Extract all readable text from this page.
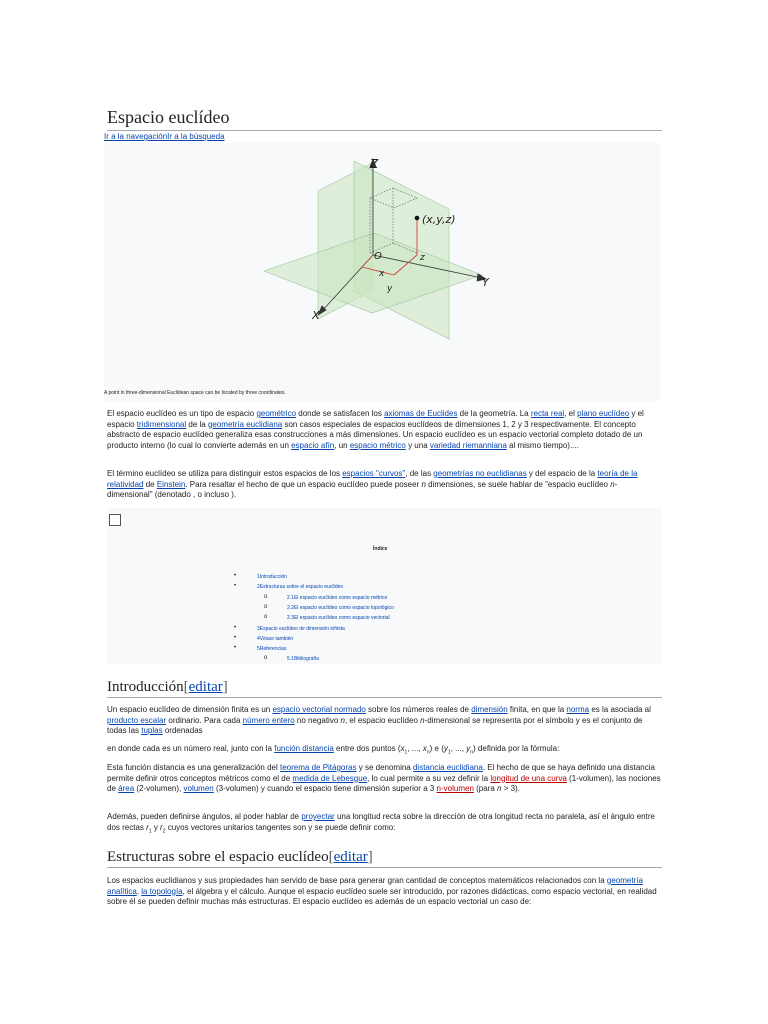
Espacio euclídeo
Ir a la navegaciónIr a la búsqueda
Z
Y
X
O
(x,y,z)
x
y
z
A point in three-dimensional Euclidean space can be located by three coordinates.

El espacio euclídeo es un tipo de espacio geométrico donde se satisfacen los axiomas de Euclides de la geometría. La recta real, el plano euclídeo y el espacio tridimensional de la geometría euclidiana son casos especiales de espacios euclídeos de dimensiones 1, 2 y 3 respectivamente. El concepto abstracto de espacio euclídeo generaliza esas construcciones a más dimensiones. Un espacio euclídeo es un espacio vectorial completo dotado de un producto interno (lo cual lo convierte además en un espacio afín, un espacio métrico y una variedad riemanniana al mismo tiempo)....

El término euclídeo se utiliza para distinguir estos espacios de los espacios "curvos", de las geometrías no euclidianas y del espacio de la teoría de la relatividad de Einstein. Para resaltar el hecho de que un espacio euclídeo puede poseer n dimensiones, se suele hablar de "espacio euclídeo n-dimensional" (denotado , o incluso ).

Índice
•	1Introducción
•	2Estructuras sobre el espacio euclídeo
o	2.1El espacio euclídeo como espacio métrico
o	2.2El espacio euclídeo como espacio topológico
o	2.3El espacio euclídeo como espacio vectorial
•	3Espacio euclídeo de dimensión infinita
•	4Véase también
•	5Referencias
o	5.1Bibliografía
Introducción[editar]

Un espacio euclídeo de dimensión finita es un espacio vectorial normado sobre los números reales de dimensión finita, en que la norma es la asociada al producto escalar ordinario. Para cada número entero no negativo n, el espacio euclídeo n-dimensional se representa por el símbolo y es el conjunto de todas las tuplas ordenadas

en donde cada es un número real, junto con la función distancia entre dos puntos ($x_1$, ..., $x_n$) e ($y_1$, ..., $y_n$) definida por la fórmula:

Esta función distancia es una generalización del teorema de Pitágoras y se denomina distancia euclidiana. El hecho de que se haya definido una distancia permite definir otros conceptos métricos como el de medida de Lebesgue, lo cual permite a su vez definir la longitud de una curva (1-volumen), las nociones de área (2-volumen), volumen (3-volumen) y cuando el espacio tiene dimensión superior a 3 n-volumen (para n > 3).

Además, pueden definirse ángulos, al poder hablar de proyectar una longitud recta sobre la dirección de otra longitud recta no paralela, así el ángulo entre dos rectas $r_1$ y $r_2$ cuyos vectores unitarios tangentes son y se puede definir como:

Estructuras sobre el espacio euclídeo[editar]

Los espacios euclidianos y sus propiedades han servido de base para generar gran cantidad de conceptos matemáticos relacionados con la geometría analítica, la topología, el álgebra y el cálculo. Aunque el espacio euclídeo suele ser introducido, por razones didácticas, como espacio vectorial, en realidad sobre él se pueden definir muchas más estructuras. El espacio euclídeo es además de un espacio vectorial un caso de:
